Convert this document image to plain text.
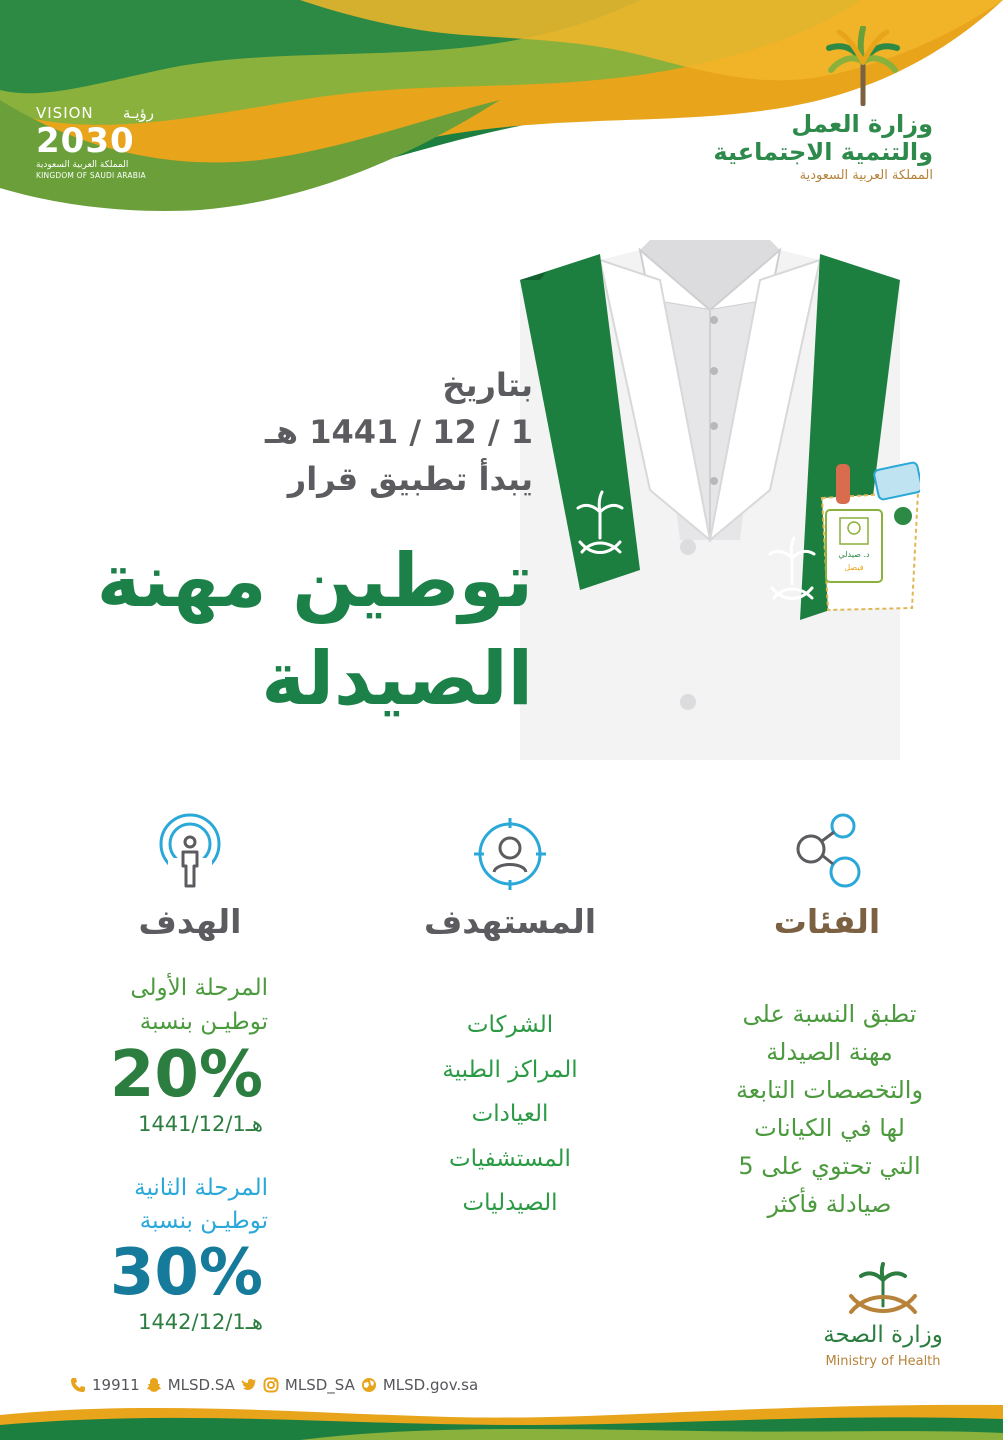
VISION رؤيـة
2030
المملكة العربية السعودية
KINGDOM OF SAUDI ARABIA
وزارة العمل
والتنمية الاجتماعية
المملكة العربية السعودية
د. صيدلي
فيصل
بتاريخ
1 / 12 / 1441 هـ
يبدأ تطبيق قرار
توطين مهنة
الصيدلة
الفئات
تطبق النسبة على
مهنة الصيدلة
والتخصصات التابعة
لها في الكيانات
التي تحتوي على 5
صيادلة فأكثر
المستهدف
الشركات
المراكز الطبية
العيادات
المستشفيات
الصيدليات
الهدف
المرحلة الأولى
توطيـن بنسبة
20%
1441/12/1هـ
المرحلة الثانية
توطيـن بنسبة
30%
1442/12/1هـ	وزارة الصحة
Ministry of Health
19911 MLSD.SA	MLSD_SA MLSD.gov.sa
